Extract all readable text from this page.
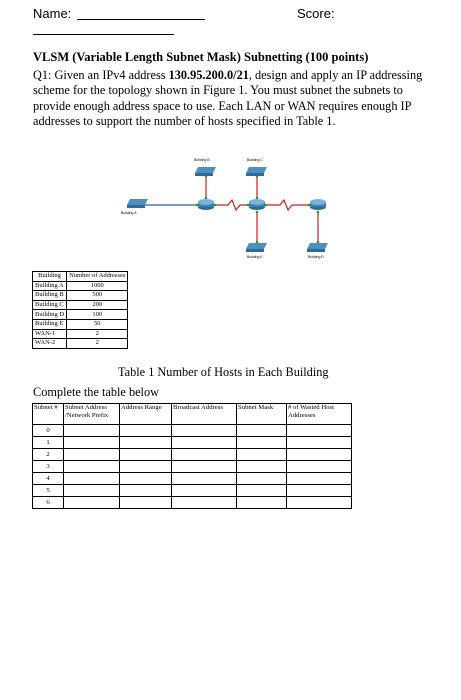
Name:	Score:
VLSM (Variable Length Subnet Mask) Subnetting (100 points)
Q1: Given an IPv4 address 130.95.200.0/21, design and apply an IP addressing scheme for the topology shown in Figure 1. You must subnet the subnets to provide enough address space to use. Each LAN or WAN requires enough IP addresses to support the number of hosts specified in Table 1.
Building B	Building C
Building A
Building E	Building D
Building	Number of Addresses
Building A	1000
Building B	500
Building C	200
Building D	100
Building E	50
WAN-1	2
WAN-2	2
Table 1 Number of Hosts in Each Building
Complete the table below
Subnet #	Subnet Address /Network Prefix	Address Range	Broadcast Address	Subnet Mask	# of Wasted Host Addresses
0					
1					
2					
3					
4					
5					
6					
